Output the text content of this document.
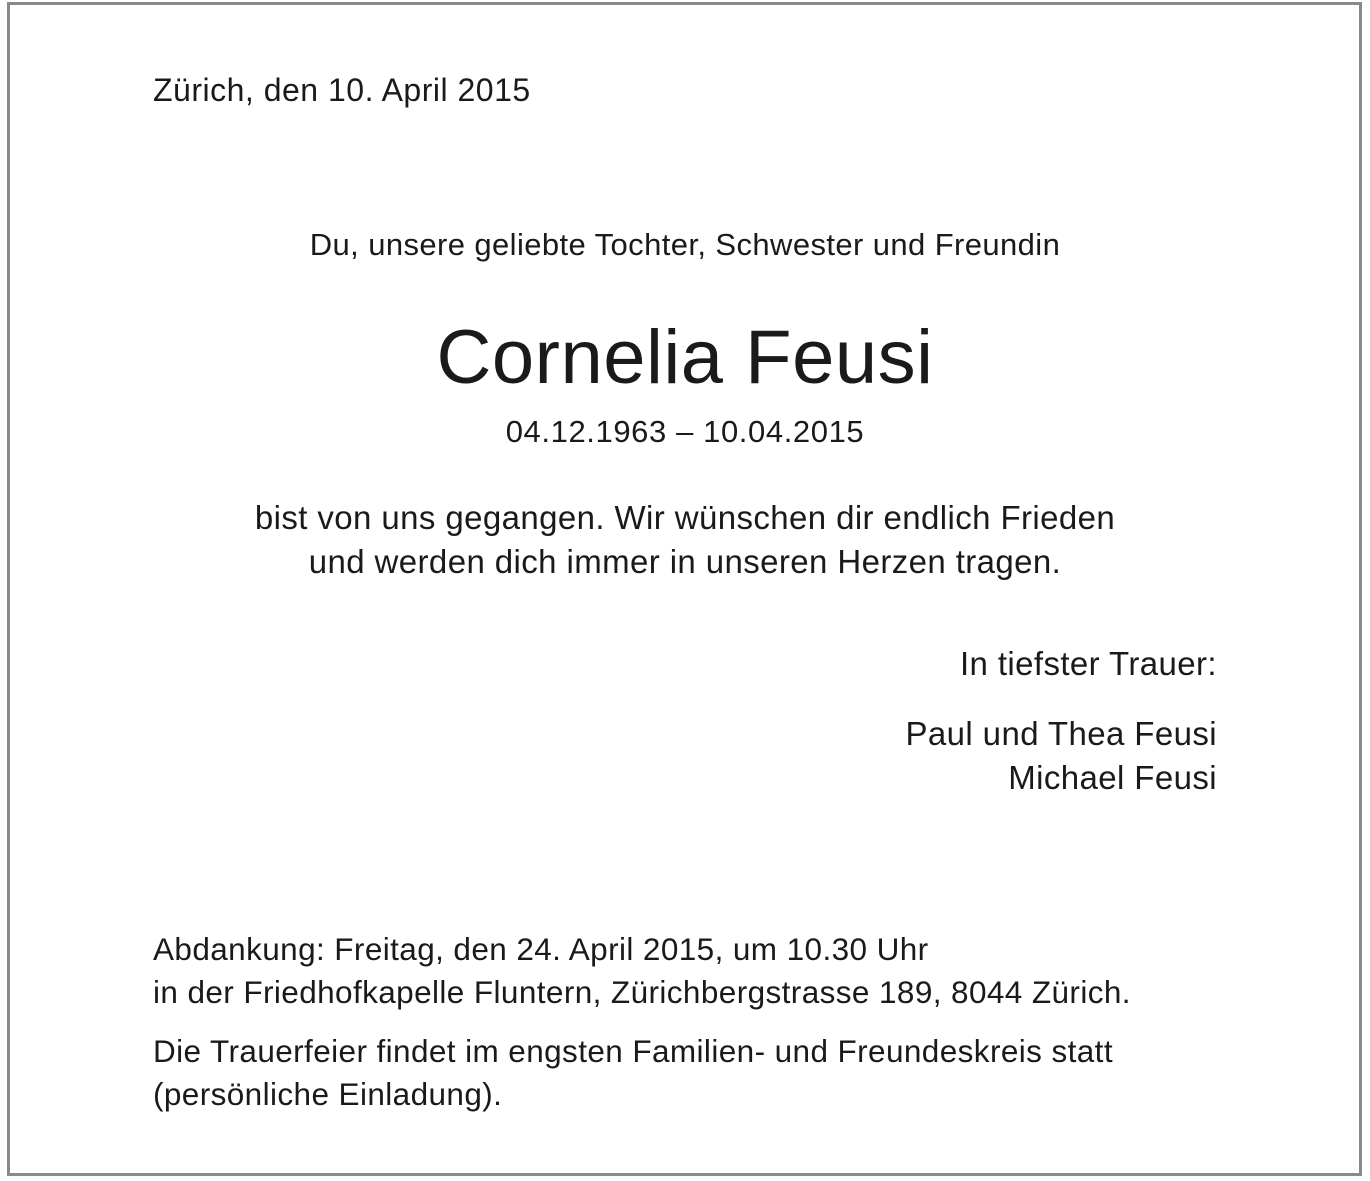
Zürich, den 10. April 2015
Du, unsere geliebte Tochter, Schwester und Freundin
Cornelia Feusi
04.12.1963 – 10.04.2015
bist von uns gegangen. Wir wünschen dir endlich Frieden
und werden dich immer in unseren Herzen tragen.
In tiefster Trauer:
Paul und Thea Feusi
Michael Feusi
Abdankung: Freitag, den 24. April 2015, um 10.30 Uhr
in der Friedhofkapelle Fluntern, Zürichbergstrasse 189, 8044 Zürich.
Die Trauerfeier findet im engsten Familien- und Freundeskreis statt
(persönliche Einladung).
